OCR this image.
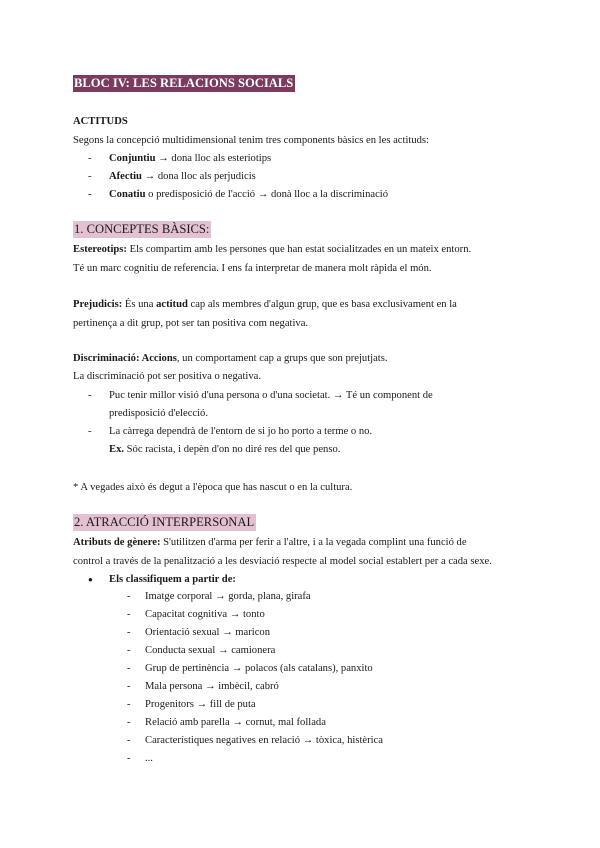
BLOC IV: LES RELACIONS SOCIALS
ACTITUDS
Segons la concepció multidimensional tenim tres components bàsics en les actituds:
- Conjuntiu → dona lloc als esteriotips
- Afectiu → dona lloc als perjudicis
- Conatiu o predisposició de l'acció → donà lloc a la discriminació
1. CONCEPTES BÀSICS:
Estereotips: Els compartim amb les persones que han estat socialitzades en un mateix entorn.
Té un marc cognitiu de referencia. I ens fa interpretar de manera molt ràpida el món.
Prejudicis: És una actitud cap als membres d'algun grup, que es basa exclusivament en la
pertinença a dit grup, pot ser tan positiva com negativa.
Discriminació: Accions, un comportament cap a grups que son prejutjats.
La discriminació pot ser positiva o negativa.
- Puc tenir millor visió d'una persona o d'una societat. → Té un component de
predisposició d'elecció.
- La càrrega dependrà de l'entorn de si jo ho porto a terme o no.
Ex. Sóc racista, i depèn d'on no diré res del que penso.
* A vegades això és degut a l'època que has nascut o en la cultura.
2. ATRACCIÓ INTERPERSONAL
Atributs de gènere: S'utilitzen d'arma per ferir a l'altre, i a la vegada complint una funció de
control a través de la penalització a les desviació respecte al model social establert per a cada sexe.
● Els classifiquem a partir de:
- Imatge corporal → gorda, plana, girafa
- Capacitat cognitiva → tonto
- Orientació sexual → maricon
- Conducta sexual → camionera
- Grup de pertinència → polacos (als catalans), panxito
- Mala persona → imbècil, cabró
- Progenitors → fill de puta
- Relació amb parella → cornut, mal follada
- Característiques negatives en relació → tòxica, histèrica
- ...
